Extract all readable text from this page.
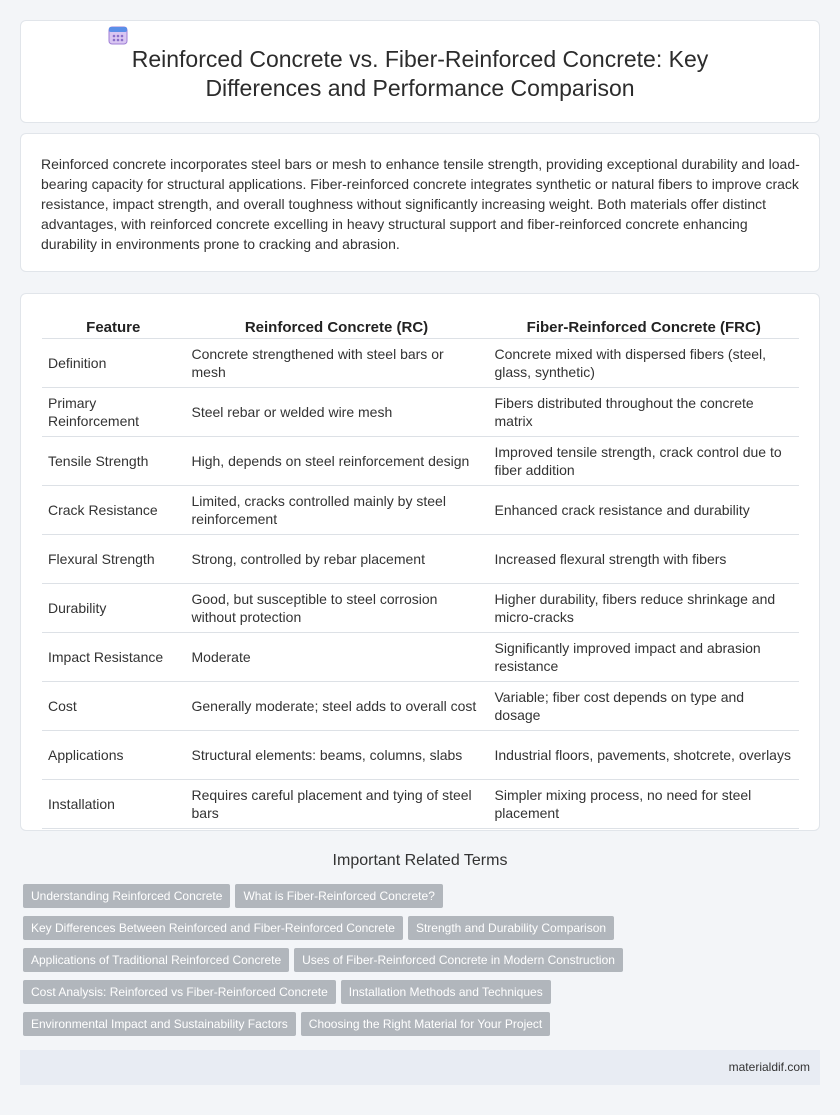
Reinforced Concrete vs. Fiber-Reinforced Concrete: Key Differences and Performance Comparison

Reinforced concrete incorporates steel bars or mesh to enhance tensile strength, providing exceptional durability and load-bearing capacity for structural applications. Fiber-reinforced concrete integrates synthetic or natural fibers to improve crack resistance, impact strength, and overall toughness without significantly increasing weight. Both materials offer distinct advantages, with reinforced concrete excelling in heavy structural support and fiber-reinforced concrete enhancing durability in environments prone to cracking and abrasion.

Feature	Reinforced Concrete (RC)	Fiber-Reinforced Concrete (FRC)
Definition	Concrete strengthened with steel bars or mesh	Concrete mixed with dispersed fibers (steel, glass, synthetic)
Primary Reinforcement	Steel rebar or welded wire mesh	Fibers distributed throughout the concrete matrix
Tensile Strength	High, depends on steel reinforcement design	Improved tensile strength, crack control due to fiber addition
Crack Resistance	Limited, cracks controlled mainly by steel reinforcement	Enhanced crack resistance and durability
Flexural Strength	Strong, controlled by rebar placement	Increased flexural strength with fibers
Durability	Good, but susceptible to steel corrosion without protection	Higher durability, fibers reduce shrinkage and micro-cracks
Impact Resistance	Moderate	Significantly improved impact and abrasion resistance
Cost	Generally moderate; steel adds to overall cost	Variable; fiber cost depends on type and dosage
Applications	Structural elements: beams, columns, slabs	Industrial floors, pavements, shotcrete, overlays
Installation	Requires careful placement and tying of steel bars	Simpler mixing process, no need for steel placement
Important Related Terms
Understanding Reinforced Concrete What is Fiber-Reinforced Concrete?
Key Differences Between Reinforced and Fiber-Reinforced Concrete Strength and Durability Comparison
Applications of Traditional Reinforced Concrete Uses of Fiber-Reinforced Concrete in Modern Construction
Cost Analysis: Reinforced vs Fiber-Reinforced Concrete Installation Methods and Techniques
Environmental Impact and Sustainability Factors Choosing the Right Material for Your Project
materialdif.com
